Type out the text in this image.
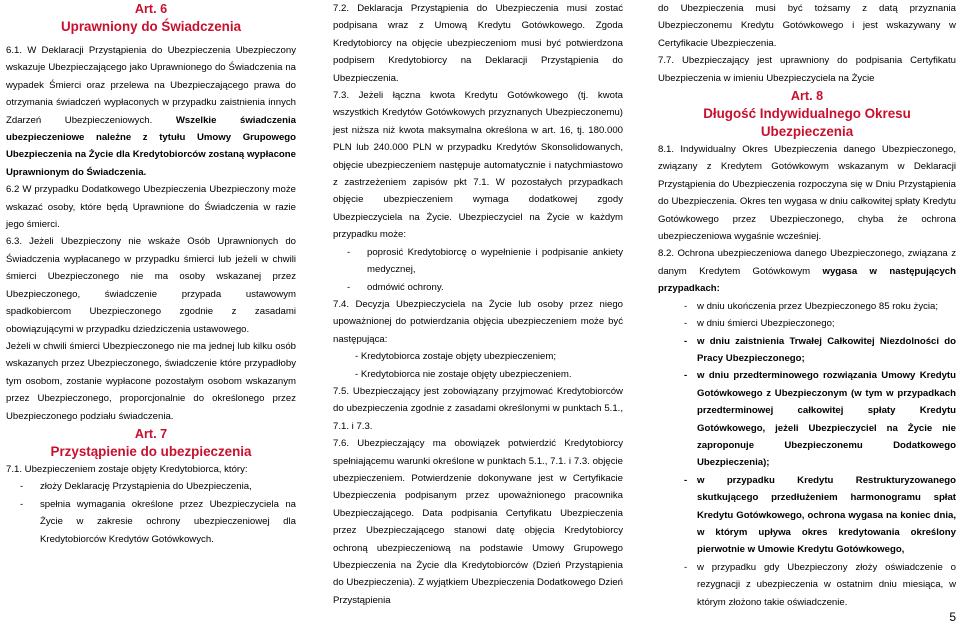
Art. 6

Uprawniony do Świadczenia

6.1. W Deklaracji Przystąpienia do Ubezpieczenia Ubezpieczony wskazuje Ubezpieczającego jako Uprawnionego do Świadczenia na wypadek Śmierci oraz przelewa na Ubezpieczającego prawa do otrzymania świadczeń wypłaconych w przypadku zaistnienia innych Zdarzeń Ubezpieczeniowych. Wszelkie świadczenia ubezpieczeniowe należne z tytułu Umowy Grupowego Ubezpieczenia na Życie dla Kredytobiorców zostaną wypłacone Uprawnionym do Świadczenia.

6.2 W przypadku Dodatkowego Ubezpieczenia Ubezpieczony może wskazać osoby, które będą Uprawnione do Świadczenia w razie jego śmierci.

6.3. Jeżeli Ubezpieczony nie wskaże Osób Uprawnionych do Świadczenia wypłacanego w przypadku śmierci lub jeżeli w chwili śmierci Ubezpieczonego nie ma osoby wskazanej przez Ubezpieczonego, świadczenie przypada ustawowym spadkobiercom Ubezpieczonego zgodnie z zasadami obowiązującymi w przypadku dziedziczenia ustawowego.

Jeżeli w chwili śmierci Ubezpieczonego nie ma jednej lub kilku osób wskazanych przez Ubezpieczonego, świadczenie które przypadłoby tym osobom, zostanie wypłacone pozostałym osobom wskazanym przez Ubezpieczonego, proporcjonalnie do określonego przez Ubezpieczonego podziału świadczenia.

Art. 7

Przystąpienie do ubezpieczenia

7.1. Ubezpieczeniem zostaje objęty Kredytobiorca, który:

- złoży Deklarację Przystąpienia do Ubezpieczenia,

- spełnia wymagania określone przez Ubezpieczyciela na Życie w zakresie ochrony ubezpieczeniowej dla Kredytobiorców Kredytów Gotówkowych.

7.2. Deklaracja Przystąpienia do Ubezpieczenia musi zostać podpisana wraz z Umową Kredytu Gotówkowego. Zgoda Kredytobiorcy na objęcie ubezpieczeniom musi być potwierdzona podpisem Kredytobiorcy na Deklaracji Przystąpienia do Ubezpieczenia.

7.3. Jeżeli łączna kwota Kredytu Gotówkowego (tj. kwota wszystkich Kredytów Gotówkowych przyznanych Ubezpieczonemu) jest niższa niż kwota maksymalna określona w art. 16, tj. 180.000 PLN lub 240.000 PLN w przypadku Kredytów Skonsolidowanych, objęcie ubezpieczeniem następuje automatycznie i natychmiastowo z zastrzeżeniem zapisów pkt 7.1. W pozostałych przypadkach objęcie ubezpieczeniem wymaga dodatkowej zgody Ubezpieczyciela na Życie. Ubezpieczyciel na Życie w każdym przypadku może:

- poprosić Kredytobiorcę o wypełnienie i podpisanie ankiety medycznej,

- odmówić ochrony.

7.4. Decyzja Ubezpieczyciela na Życie lub osoby przez niego upoważnionej do potwierdzania objęcia ubezpieczeniem może być następująca:

- Kredytobiorca zostaje objęty ubezpieczeniem;

- Kredytobiorca nie zostaje objęty ubezpieczeniem.

7.5. Ubezpieczający jest zobowiązany przyjmować Kredytobiorców do ubezpieczenia zgodnie z zasadami określonymi w punktach 5.1., 7.1. i 7.3.

7.6. Ubezpieczający ma obowiązek potwierdzić Kredytobiorcy spełniającemu warunki określone w punktach 5.1., 7.1. i 7.3. objęcie ubezpieczeniem. Potwierdzenie dokonywane jest w Certyfikacie Ubezpieczenia podpisanym przez upoważnionego pracownika Ubezpieczającego. Data podpisania Certyfikatu Ubezpieczenia przez Ubezpieczającego stanowi datę objęcia Kredytobiorcy ochroną ubezpieczeniową na podstawie Umowy Grupowego Ubezpieczenia na Życie dla Kredytobiorców (Dzień Przystąpienia do Ubezpieczenia). Z wyjątkiem Ubezpieczenia Dodatkowego Dzień Przystąpienia

do Ubezpieczenia musi być tożsamy z datą przyznania Ubezpieczonemu Kredytu Gotówkowego i jest wskazywany w Certyfikacie Ubezpieczenia.

7.7. Ubezpieczający jest uprawniony do podpisania Certyfikatu Ubezpieczenia w imieniu Ubezpieczyciela na Życie

Art. 8

Długość Indywidualnego Okresu Ubezpieczenia

8.1. Indywidualny Okres Ubezpieczenia danego Ubezpieczonego, związany z Kredytem Gotówkowym wskazanym w Deklaracji Przystąpienia do Ubezpieczenia rozpoczyna się w Dniu Przystąpienia do Ubezpieczenia. Okres ten wygasa w dniu całkowitej spłaty Kredytu Gotówkowego przez Ubezpieczonego, chyba że ochrona ubezpieczeniowa wygaśnie wcześniej.

8.2. Ochrona ubezpieczeniowa danego Ubezpieczonego, związana z danym Kredytem Gotówkowym wygasa w następujących przypadkach:

- w dniu ukończenia przez Ubezpieczonego 85 roku życia;

- w dniu śmierci Ubezpieczonego;

- w dniu zaistnienia Trwałej Całkowitej Niezdolności do Pracy Ubezpieczonego;

- w dniu przedterminowego rozwiązania Umowy Kredytu Gotówkowego z Ubezpieczonym (w tym w przypadkach przedterminowej całkowitej spłaty Kredytu Gotówkowego, jeżeli Ubezpieczyciel na Życie nie zaproponuje Ubezpieczonemu Dodatkowego Ubezpieczenia);

- w przypadku Kredytu Restrukturyzowanego skutkującego przedłużeniem harmonogramu spłat Kredytu Gotówkowego, ochrona wygasa na koniec dnia, w którym upływa okres kredytowania określony pierwotnie w Umowie Kredytu Gotówkowego,

- w przypadku gdy Ubezpieczony złoży oświadczenie o rezygnacji z ubezpieczenia w ostatnim dniu miesiąca, w którym złożono takie oświadczenie.

5
